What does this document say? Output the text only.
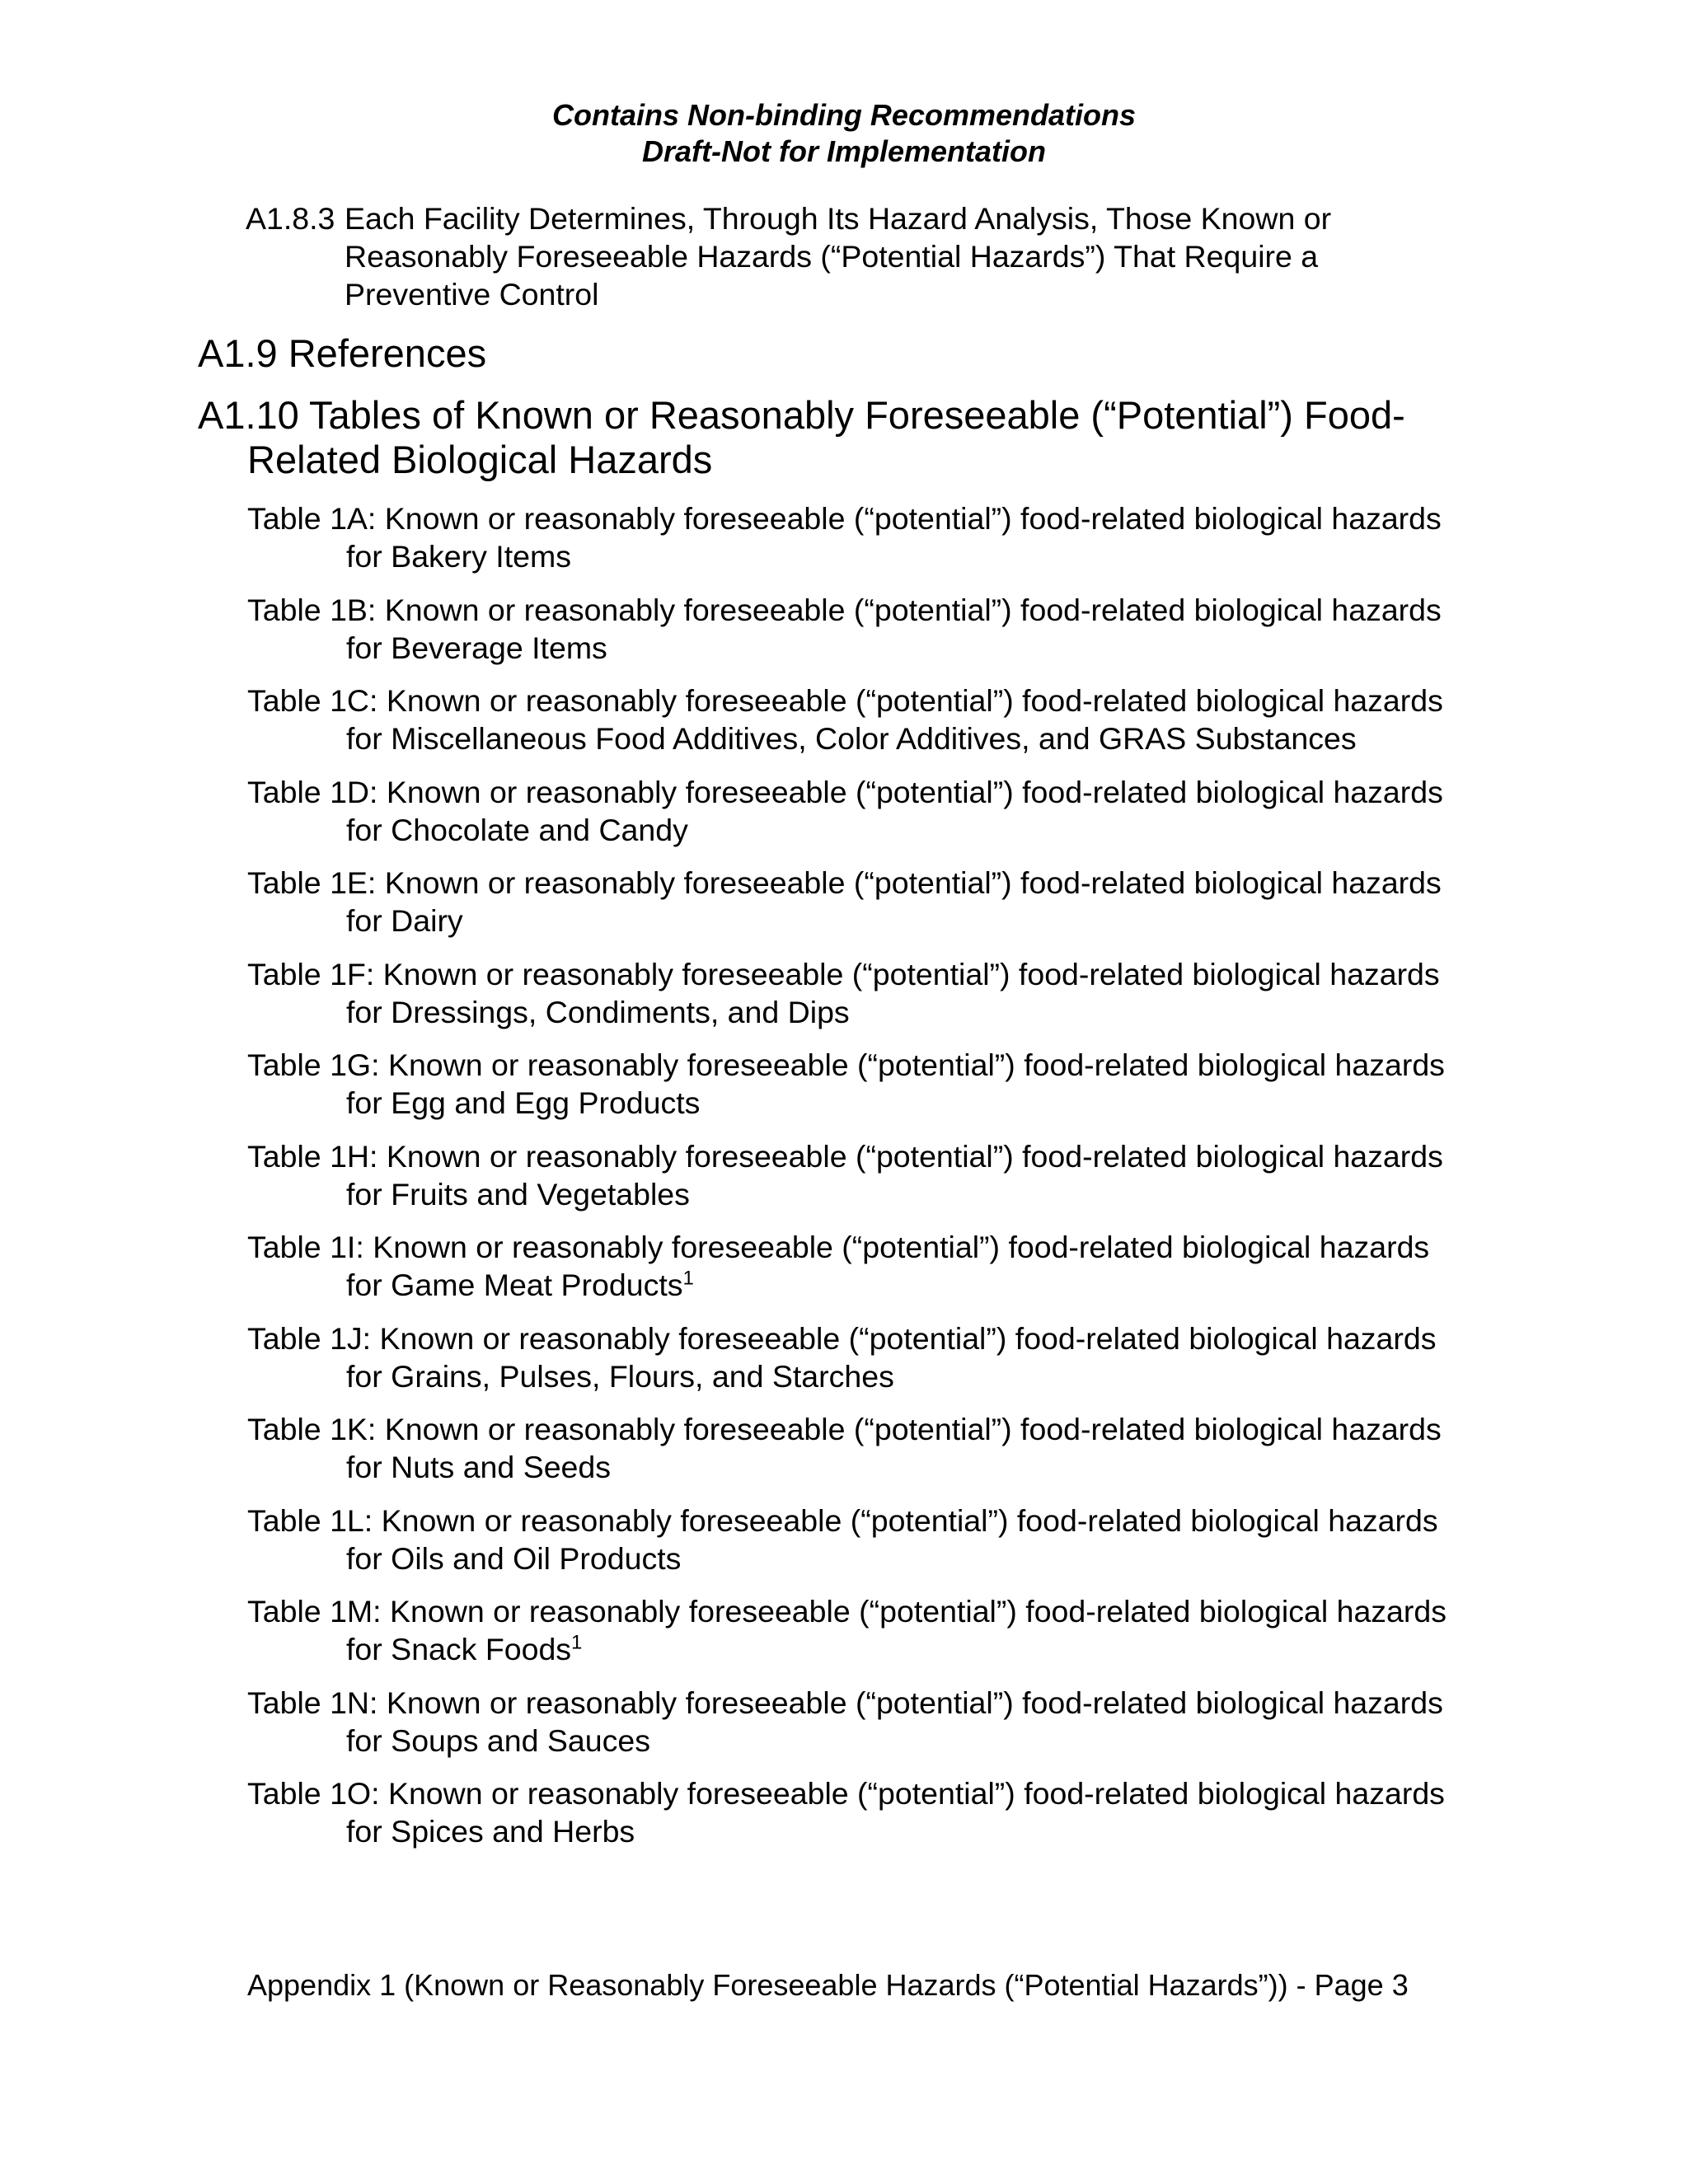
Contains Non-binding Recommendations
Draft-Not for Implementation
A1.8.3 Each Facility Determines, Through Its Hazard Analysis, Those Known or Reasonably Foreseeable Hazards (“Potential Hazards”) That Require a Preventive Control
A1.9 References
A1.10 Tables of Known or Reasonably Foreseeable (“Potential”) Food-Related Biological Hazards
Table 1A: Known or reasonably foreseeable (“potential”) food-related biological hazards for Bakery Items
Table 1B: Known or reasonably foreseeable (“potential”) food-related biological hazards for Beverage Items
Table 1C: Known or reasonably foreseeable (“potential”) food-related biological hazards for Miscellaneous Food Additives, Color Additives, and GRAS Substances
Table 1D: Known or reasonably foreseeable (“potential”) food-related biological hazards for Chocolate and Candy
Table 1E: Known or reasonably foreseeable (“potential”) food-related biological hazards for Dairy
Table 1F: Known or reasonably foreseeable (“potential”) food-related biological hazards for Dressings, Condiments, and Dips
Table 1G: Known or reasonably foreseeable (“potential”) food-related biological hazards for Egg and Egg Products
Table 1H: Known or reasonably foreseeable (“potential”) food-related biological hazards for Fruits and Vegetables
Table 1I: Known or reasonably foreseeable (“potential”) food-related biological hazards for Game Meat Products$^1$
Table 1J: Known or reasonably foreseeable (“potential”) food-related biological hazards for Grains, Pulses, Flours, and Starches
Table 1K: Known or reasonably foreseeable (“potential”) food-related biological hazards for Nuts and Seeds
Table 1L: Known or reasonably foreseeable (“potential”) food-related biological hazards for Oils and Oil Products
Table 1M: Known or reasonably foreseeable (“potential”) food-related biological hazards for Snack Foods$^1$
Table 1N: Known or reasonably foreseeable (“potential”) food-related biological hazards for Soups and Sauces
Table 1O: Known or reasonably foreseeable (“potential”) food-related biological hazards for Spices and Herbs
Appendix 1 (Known or Reasonably Foreseeable Hazards (“Potential Hazards”)) - Page 3
